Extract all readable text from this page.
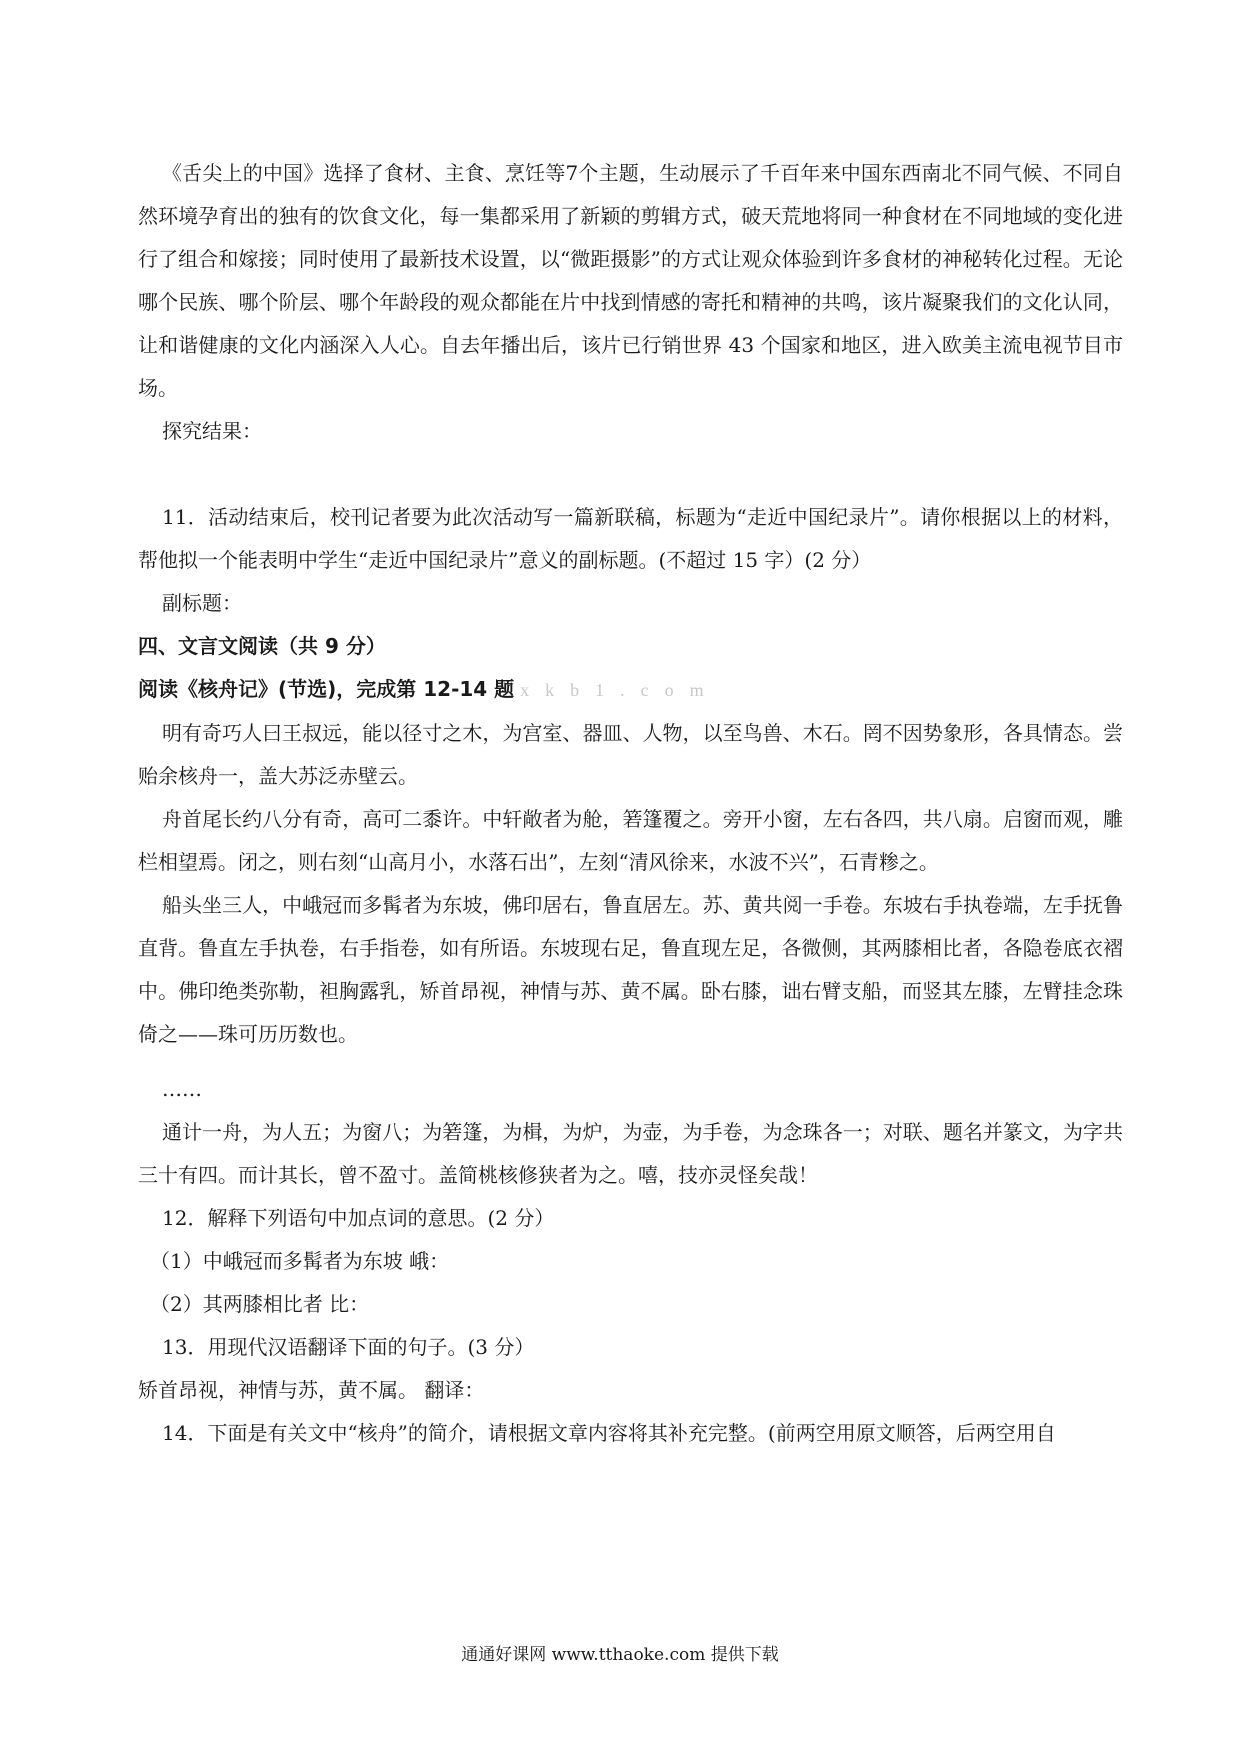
《舌尖上的中国》选择了食材、主食、烹饪等7个主题，生动展示了千百年来中国东西南北不同气候、不同自然环境孕育出的独有的饮食文化，每一集都采用了新颖的剪辑方式，破天荒地将同一种食材在不同地域的变化进行了组合和嫁接；同时使用了最新技术设置，以“微距摄影”的方式让观众体验到许多食材的神秘转化过程。无论哪个民族、哪个阶层、哪个年龄段的观众都能在片中找到情感的寄托和精神的共鸣，该片凝聚我们的文化认同，让和谐健康的文化内涵深入人心。自去年播出后，该片已行销世界 43 个国家和地区，进入欧美主流电视节目市场。

探究结果：

11．活动结束后，校刊记者要为此次活动写一篇新联稿，标题为“走近中国纪录片”。请你根据以上的材料，帮他拟一个能表明中学生“走近中国纪录片”意义的副标题。(不超过 15 字）(2 分）

副标题：

四、文言文阅读（共 9 分）

阅读《核舟记》(节选)，完成第 12-14 题 xkb1.com

明有奇巧人曰王叔远，能以径寸之木，为宫室、器皿、人物，以至鸟兽、木石。罔不因势象形，各具情态。尝贻余核舟一，盖大苏泛赤壁云。

舟首尾长约八分有奇，高可二黍许。中轩敞者为舱，箬篷覆之。旁开小窗，左右各四，共八扇。启窗而观，雕栏相望焉。闭之，则右刻“山高月小，水落石出”，左刻“清风徐来，水波不兴”，石青糁之。

船头坐三人，中峨冠而多髯者为东坡，佛印居右，鲁直居左。苏、黄共阅一手卷。东坡右手执卷端，左手抚鲁直背。鲁直左手执卷，右手指卷，如有所语。东坡现右足，鲁直现左足，各微侧，其两膝相比者，各隐卷底衣褶中。佛印绝类弥勒，袒胸露乳，矫首昂视，神情与苏、黄不属。卧右膝，诎右臂支船，而竖其左膝，左臂挂念珠倚之——珠可历历数也。

……

通计一舟，为人五；为窗八；为箬篷，为楫，为炉，为壶，为手卷，为念珠各一；对联、题名并篆文，为字共三十有四。而计其长，曾不盈寸。盖简桃核修狭者为之。嘻，技亦灵怪矣哉！

12．解释下列语句中加点词的意思。(2 分）

（1）中峨冠而多髯者为东坡 峨：

（2）其两膝相比者 比：

13．用现代汉语翻译下面的句子。(3 分）

矫首昂视，神情与苏，黄不属。 翻译：

14．下面是有关文中“核舟”的简介，请根据文章内容将其补充完整。(前两空用原文顺答，后两空用自

通通好课网 www.tthaoke.com 提供下载
